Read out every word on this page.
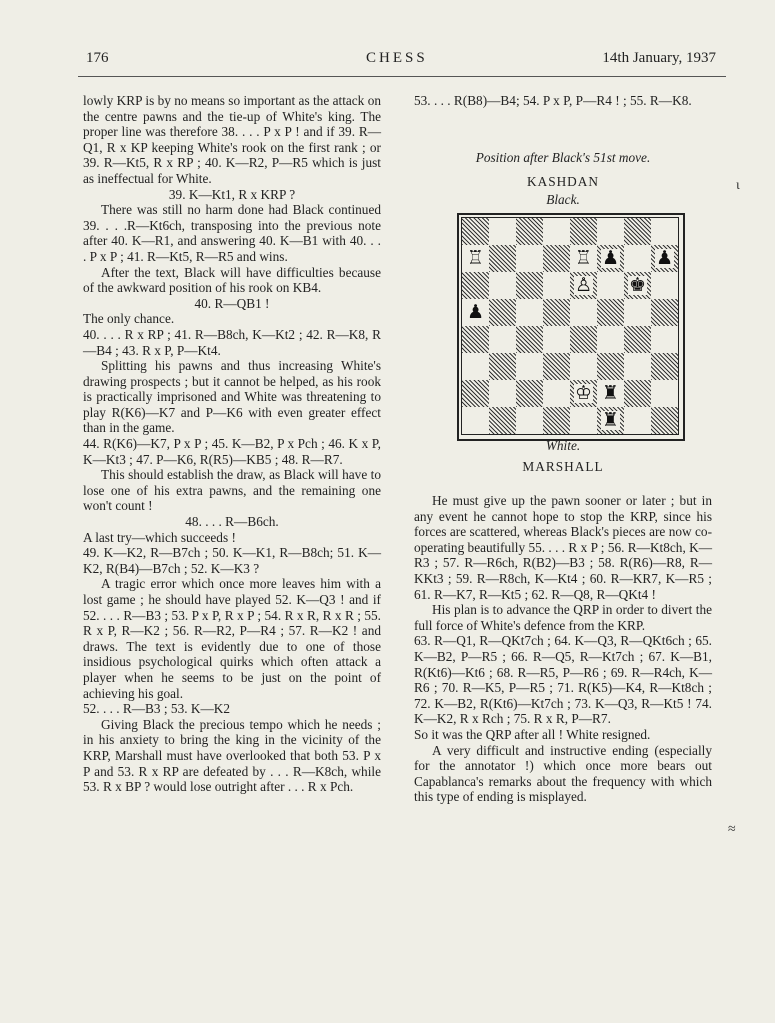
176	CHESS	14th January, 1937

lowly KRP is by no means so important as the attack on the centre pawns and the tie-up of White's king. The proper line was therefore 38. . . . P x P ! and if 39. R—Q1, R x KP keeping White's rook on the first rank ; or 39. R—Kt5, R x RP ; 40. K—R2, P—R5 which is just as ineffectual for White.

39. K—Kt1, R x KRP ?

There was still no harm done had Black continued 39. . . .R—Kt6ch, transposing into the previous note after 40. K—R1, and answering 40. K—B1 with 40. . . . P x P ; 41. R—Kt5, R—R5 and wins.

After the text, Black will have difficulties because of the awkward position of his rook on KB4.

40. R—QB1 !

The only chance.

40. . . . R x RP ; 41. R—B8ch, K—Kt2 ; 42. R—K8, R—B4 ; 43. R x P, P—Kt4.

Splitting his pawns and thus increasing White's drawing prospects ; but it cannot be helped, as his rook is practically imprisoned and White was threatening to play R(K6)—K7 and P—K6 with even greater effect than in the game.

44. R(K6)—K7, P x P ; 45. K—B2, P x Pch ; 46. K x P, K—Kt3 ; 47. P—K6, R(R5)—KB5 ; 48. R—R7.

This should establish the draw, as Black will have to lose one of his extra pawns, and the remaining one won't count !

48. . . . R—B6ch.

A last try—which succeeds !

49. K—K2, R—B7ch ; 50. K—K1, R—B8ch; 51. K—K2, R(B4)—B7ch ; 52. K—K3 ?

A tragic error which once more leaves him with a lost game ; he should have played 52. K—Q3 ! and if 52. . . . R—B3 ; 53. P x P, R x P ; 54. R x R, R x R ; 55. R x P, R—K2 ; 56. R—R2, P—R4 ; 57. R—K2 ! and draws. The text is evidently due to one of those insidious psychological quirks which often attack a player when he seems to be just on the point of achieving his goal.

52. . . . R—B3 ; 53. K—K2

Giving Black the precious tempo which he needs ; in his anxiety to bring the king in the vicinity of the KRP, Marshall must have overlooked that both 53. P x P and 53. R x RP are defeated by . . . R—K8ch, while 53. R x BP ? would lose outright after . . . R x Pch.

53. . . . R(B8)—B4; 54. P x P, P—R4 ! ; 55. R—K8.

Position after Black's 51st move.
KASHDAN
Black.
♖	♖ ♟ ♟
♙ ♚
♟
♔ ♜
♜
White.
MARSHALL

He must give up the pawn sooner or later ; but in any event he cannot hope to stop the KRP, since his forces are scattered, whereas Black's pieces are now co-operating beautifully 55. . . . R x P ; 56. R—Kt8ch, K—R3 ; 57. R—R6ch, R(B2)—B3 ; 58. R(R6)—R8, R—KKt3 ; 59. R—R8ch, K—Kt4 ; 60. R—KR7, K—R5 ; 61. R—K7, R—Kt5 ; 62. R—Q8, R—QKt4 !

His plan is to advance the QRP in order to divert the full force of White's defence from the KRP.

63. R—Q1, R—QKt7ch ; 64. K—Q3, R—QKt6ch ; 65. K—B2, P—R5 ; 66. R—Q5, R—Kt7ch ; 67. K—B1, R(Kt6)—Kt6 ; 68. R—R5, P—R6 ; 69. R—R4ch, K—R6 ; 70. R—K5, P—R5 ; 71. R(K5)—K4, R—Kt8ch ; 72. K—B2, R(Kt6)—Kt7ch ; 73. K—Q3, R—Kt5 ! 74. K—K2, R x Rch ; 75. R x R, P—R7.

So it was the QRP after all ! White resigned.

A very difficult and instructive ending (especially for the annotator !) which once more bears out Capablanca's remarks about the frequency with which this type of ending is misplayed.

ɩ
≈
